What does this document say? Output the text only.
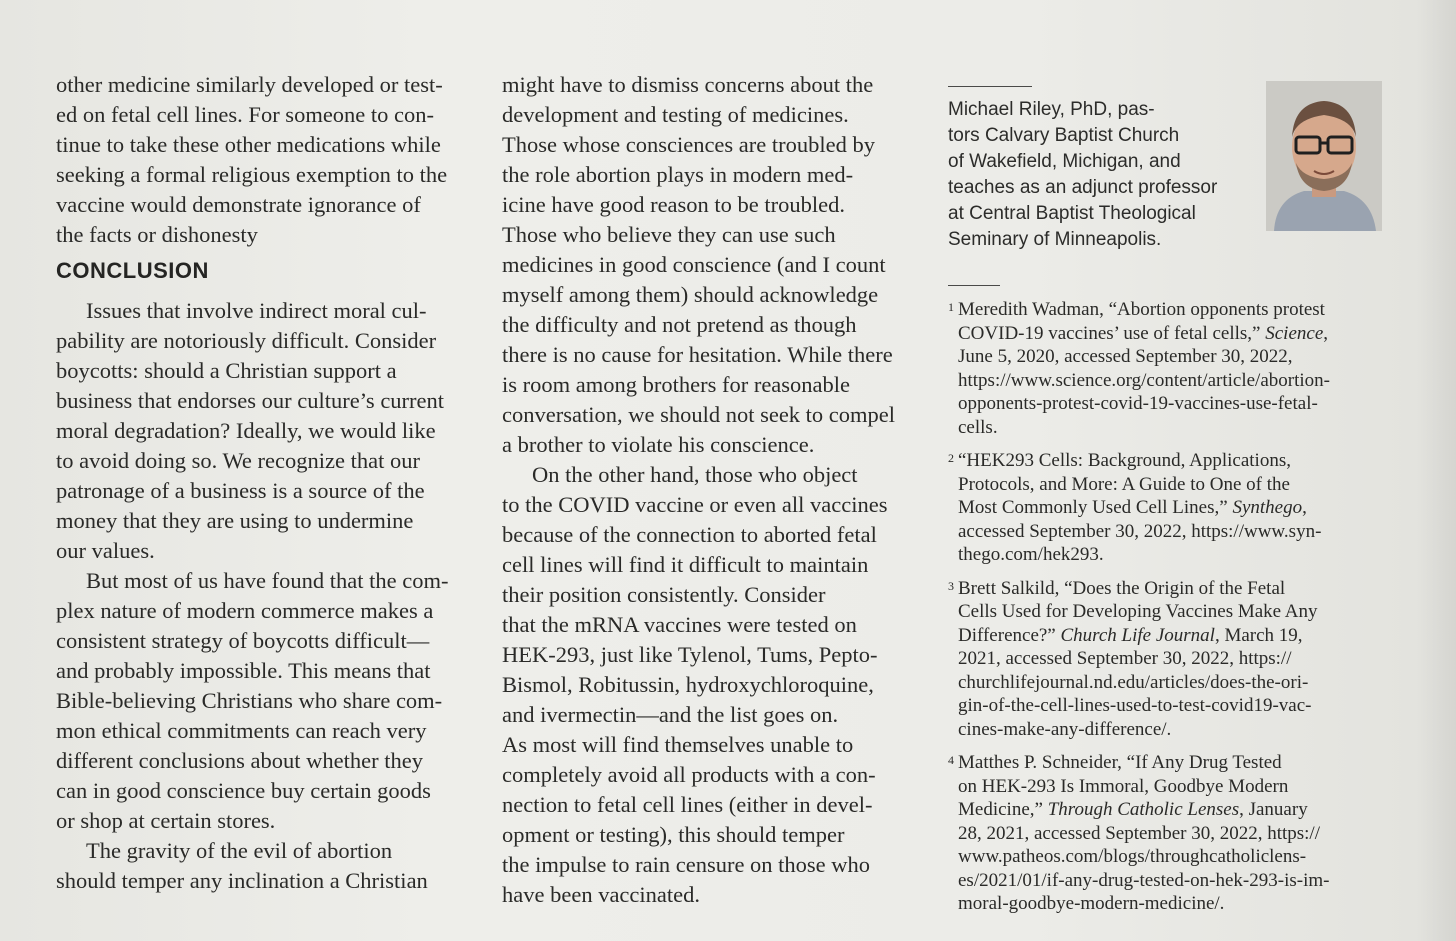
other medicine similarly developed or test-
ed on fetal cell lines. For someone to con-
tinue to take these other medications while
seeking a formal religious exemption to the
vaccine would demonstrate ignorance of
the facts or dishonesty
CONCLUSION
Issues that involve indirect moral cul-
pability are notoriously difficult. Consider
boycotts: should a Christian support a
business that endorses our culture’s current
moral degradation? Ideally, we would like
to avoid doing so. We recognize that our
patronage of a business is a source of the
money that they are using to undermine
our values.
But most of us have found that the com-
plex nature of modern commerce makes a
consistent strategy of boycotts difficult—
and probably impossible. This means that
Bible-believing Christians who share com-
mon ethical commitments can reach very
different conclusions about whether they
can in good conscience buy certain goods
or shop at certain stores.
The gravity of the evil of abortion
should temper any inclination a Christian
might have to dismiss concerns about the
development and testing of medicines.
Those whose consciences are troubled by
the role abortion plays in modern med-
icine have good reason to be troubled.
Those who believe they can use such
medicines in good conscience (and I count
myself among them) should acknowledge
the difficulty and not pretend as though
there is no cause for hesitation. While there
is room among brothers for reasonable
conversation, we should not seek to compel
a brother to violate his conscience.
On the other hand, those who object
to the COVID vaccine or even all vaccines
because of the connection to aborted fetal
cell lines will find it difficult to maintain
their position consistently. Consider
that the mRNA vaccines were tested on
HEK-293, just like Tylenol, Tums, Pepto-
Bismol, Robitussin, hydroxychloroquine,
and ivermectin—and the list goes on.
As most will find themselves unable to
completely avoid all products with a con-
nection to fetal cell lines (either in devel-
opment or testing), this should temper
the impulse to rain censure on those who
have been vaccinated.
Michael Riley, PhD, pas-
tors Calvary Baptist Church
of Wakefield, Michigan, and
teaches as an adjunct professor
at Central Baptist Theological
Seminary of Minneapolis.
1 Meredith Wadman, “Abortion opponents protest
COVID-19 vaccines’ use of fetal cells,” Science,
June 5, 2020, accessed September 30, 2022,
https://www.science.org/content/article/abortion-
opponents-protest-covid-19-vaccines-use-fetal-
cells.
2 “HEK293 Cells: Background, Applications,
Protocols, and More: A Guide to One of the
Most Commonly Used Cell Lines,” Synthego,
accessed September 30, 2022, https://www.syn-
thego.com/hek293.
3 Brett Salkild, “Does the Origin of the Fetal
Cells Used for Developing Vaccines Make Any
Difference?” Church Life Journal, March 19,
2021, accessed September 30, 2022, https://
churchlifejournal.nd.edu/articles/does-the-ori-
gin-of-the-cell-lines-used-to-test-covid19-vac-
cines-make-any-difference/.
4 Matthes P. Schneider, “If Any Drug Tested
on HEK-293 Is Immoral, Goodbye Modern
Medicine,” Through Catholic Lenses, January
28, 2021, accessed September 30, 2022, https://
www.patheos.com/blogs/throughcatholiclens-
es/2021/01/if-any-drug-tested-on-hek-293-is-im-
moral-goodbye-modern-medicine/.
